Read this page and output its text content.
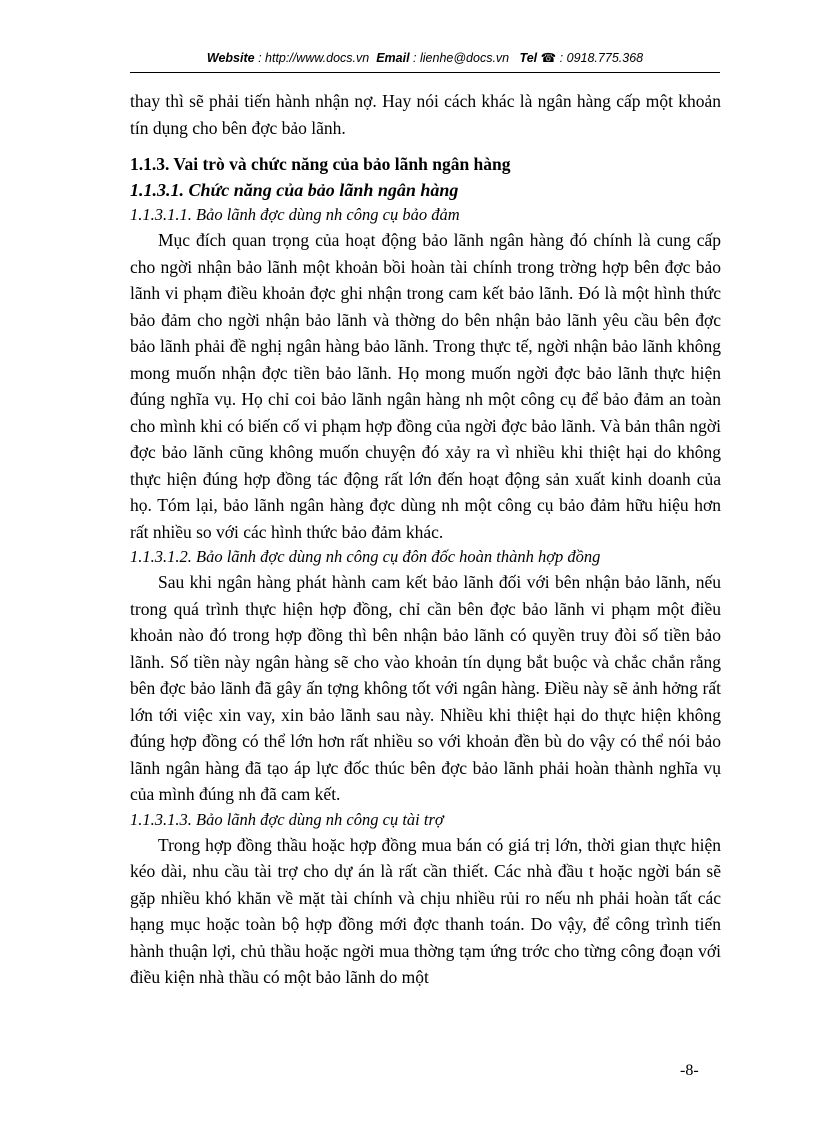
Website : http://www.docs.vn Email : lienhe@docs.vn Tel ☎ : 0918.775.368

thay thì sẽ phải tiến hành nhận nợ. Hay nói cách khác là ngân hàng cấp một khoản tín dụng cho bên đợc bảo lãnh.

1.1.3. Vai trò và chức năng của bảo lãnh ngân hàng
1.1.3.1. Chức năng của bảo lãnh ngân hàng
1.1.3.1.1. Bảo lãnh đợc dùng nh công cụ bảo đảm

Mục đích quan trọng của hoạt động bảo lãnh ngân hàng đó chính là cung cấp cho ngời nhận bảo lãnh một khoản bồi hoàn tài chính trong trờng hợp bên đợc bảo lãnh vi phạm điều khoản đợc ghi nhận trong cam kết bảo lãnh. Đó là một hình thức bảo đảm cho ngời nhận bảo lãnh và thờng do bên nhận bảo lãnh yêu cầu bên đợc bảo lãnh phải đề nghị ngân hàng bảo lãnh. Trong thực tế, ngời nhận bảo lãnh không mong muốn nhận đợc tiền bảo lãnh. Họ mong muốn ngời đợc bảo lãnh thực hiện đúng nghĩa vụ. Họ chỉ coi bảo lãnh ngân hàng nh một công cụ để bảo đảm an toàn cho mình khi có biến cố vi phạm hợp đồng của ngời đợc bảo lãnh. Và bản thân ngời đợc bảo lãnh cũng không muốn chuyện đó xảy ra vì nhiều khi thiệt hại do không thực hiện đúng hợp đồng tác động rất lớn đến hoạt động sản xuất kinh doanh của họ. Tóm lại, bảo lãnh ngân hàng đợc dùng nh một công cụ bảo đảm hữu hiệu hơn rất nhiều so với các hình thức bảo đảm khác.

1.1.3.1.2. Bảo lãnh đợc dùng nh công cụ đôn đốc hoàn thành hợp đồng

Sau khi ngân hàng phát hành cam kết bảo lãnh đối với bên nhận bảo lãnh, nếu trong quá trình thực hiện hợp đồng, chỉ cần bên đợc bảo lãnh vi phạm một điều khoản nào đó trong hợp đồng thì bên nhận bảo lãnh có quyền truy đòi số tiền bảo lãnh. Số tiền này ngân hàng sẽ cho vào khoản tín dụng bắt buộc và chắc chắn rằng bên đợc bảo lãnh đã gây ấn tợng không tốt với ngân hàng. Điều này sẽ ảnh hởng rất lớn tới việc xin vay, xin bảo lãnh sau này. Nhiều khi thiệt hại do thực hiện không đúng hợp đồng có thể lớn hơn rất nhiều so với khoản đền bù do vậy có thể nói bảo lãnh ngân hàng đã tạo áp lực đốc thúc bên đợc bảo lãnh phải hoàn thành nghĩa vụ của mình đúng nh đã cam kết.

1.1.3.1.3. Bảo lãnh đợc dùng nh công cụ tài trợ

Trong hợp đồng thầu hoặc hợp đồng mua bán có giá trị lớn, thời gian thực hiện kéo dài, nhu cầu tài trợ cho dự án là rất cần thiết. Các nhà đầu t hoặc ngời bán sẽ gặp nhiều khó khăn về mặt tài chính và chịu nhiều rủi ro nếu nh phải hoàn tất các hạng mục hoặc toàn bộ hợp đồng mới đợc thanh toán. Do vậy, để công trình tiến hành thuận lợi, chủ thầu hoặc ngời mua thờng tạm ứng trớc cho từng công đoạn với điều kiện nhà thầu có một bảo lãnh do một

-8-
